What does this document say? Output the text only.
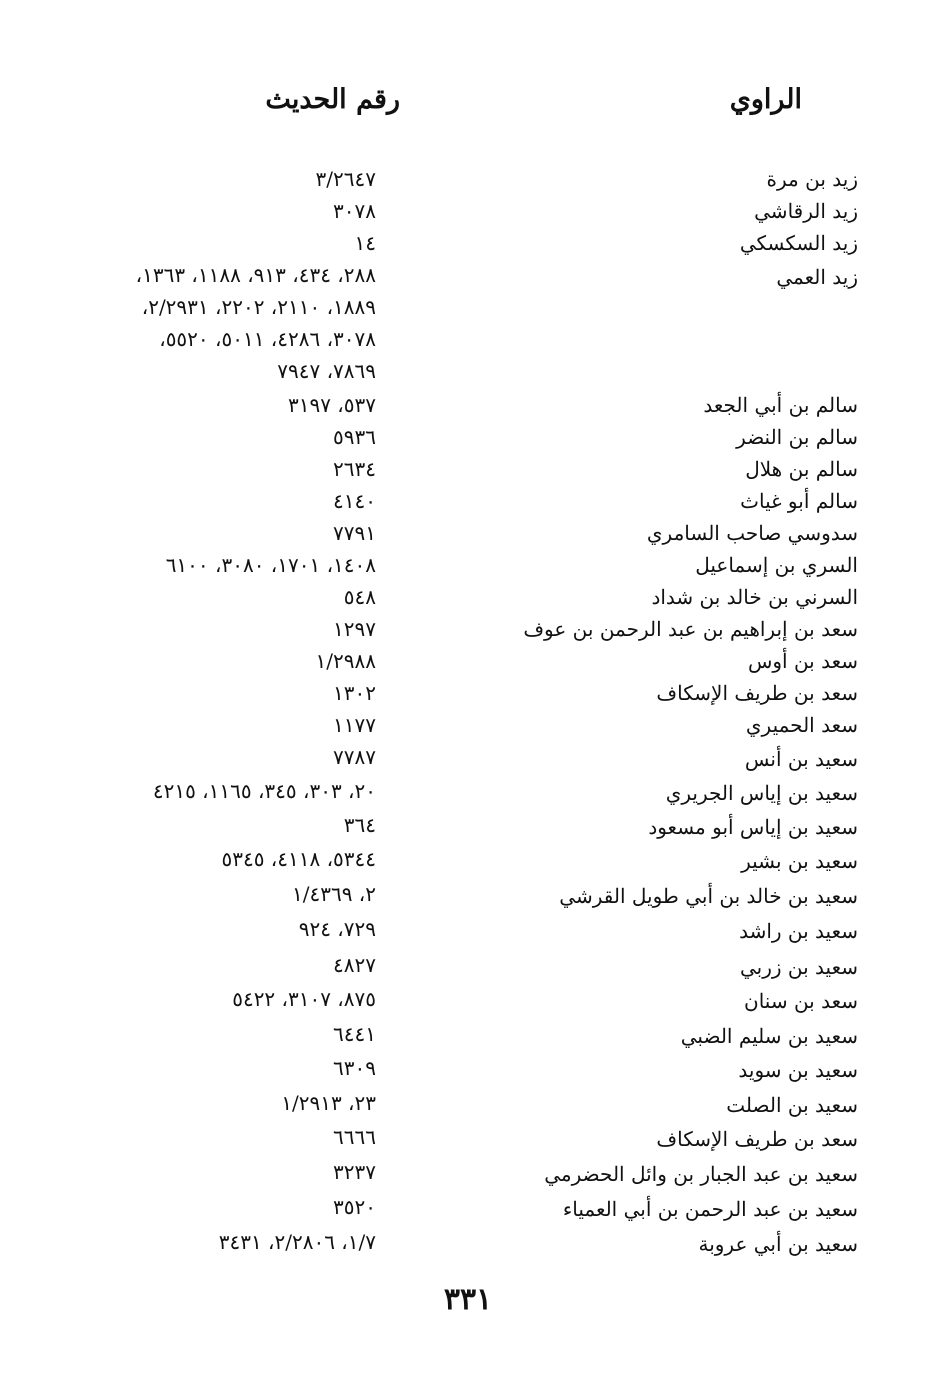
الراوي
رقم الحديث
٣/٢٦٤٧
٣٠٧٨
١٤
٢٨٨، ٤٣٤، ٩١٣، ١١٨٨، ١٣٦٣،
١٨٨٩، ٢١١٠، ٢٢٠٢، ٢/٢٩٣١،
٣٠٧٨، ٤٢٨٦، ٥٠١١، ٥٥٢٠،
٧٨٦٩، ٧٩٤٧
٥٣٧، ٣١٩٧
٥٩٣٦
٢٦٣٤
٤١٤٠
٧٧٩١
١٤٠٨، ١٧٠١، ٣٠٨٠، ٦١٠٠
٥٤٨
١٢٩٧
١/٢٩٨٨
١٣٠٢
١١٧٧
٧٧٨٧
٢٠، ٣٠٣، ٣٤٥، ١١٦٥، ٤٢١٥
٣٦٤
٥٣٤٤، ٤١١٨، ٥٣٤٥
٢، ١/٤٣٦٩
٧٢٩، ٩٢٤
٤٨٢٧
٨٧٥، ٣١٠٧، ٥٤٢٢
٦٤٤١
٦٣٠٩
٢٣، ١/٢٩١٣
٦٦٦٦
٣٢٣٧
٣٥٢٠
١/٧، ٢/٢٨٠٦، ٣٤٣١
زيد بن مرة
زيد الرقاشي
زيد السكسكي
زيد العمي
سالم بن أبي الجعد
سالم بن النضر
سالم بن هلال
سالم أبو غياث
سدوسي صاحب السامري
السري بن إسماعيل
السرني بن خالد بن شداد
سعد بن إبراهيم بن عبد الرحمن بن عوف
سعد بن أوس
سعد بن طريف الإسكاف
سعد الحميري
سعيد بن أنس
سعيد بن إياس الجريري
سعيد بن إياس أبو مسعود
سعيد بن بشير
سعيد بن خالد بن أبي طويل القرشي
سعيد بن راشد
سعيد بن زربي
سعد بن سنان
سعيد بن سليم الضبي
سعيد بن سويد
سعيد بن الصلت
سعد بن طريف الإسكاف
سعيد بن عبد الجبار بن وائل الحضرمي
سعيد بن عبد الرحمن بن أبي العمياء
سعيد بن أبي عروبة
٣٣١
